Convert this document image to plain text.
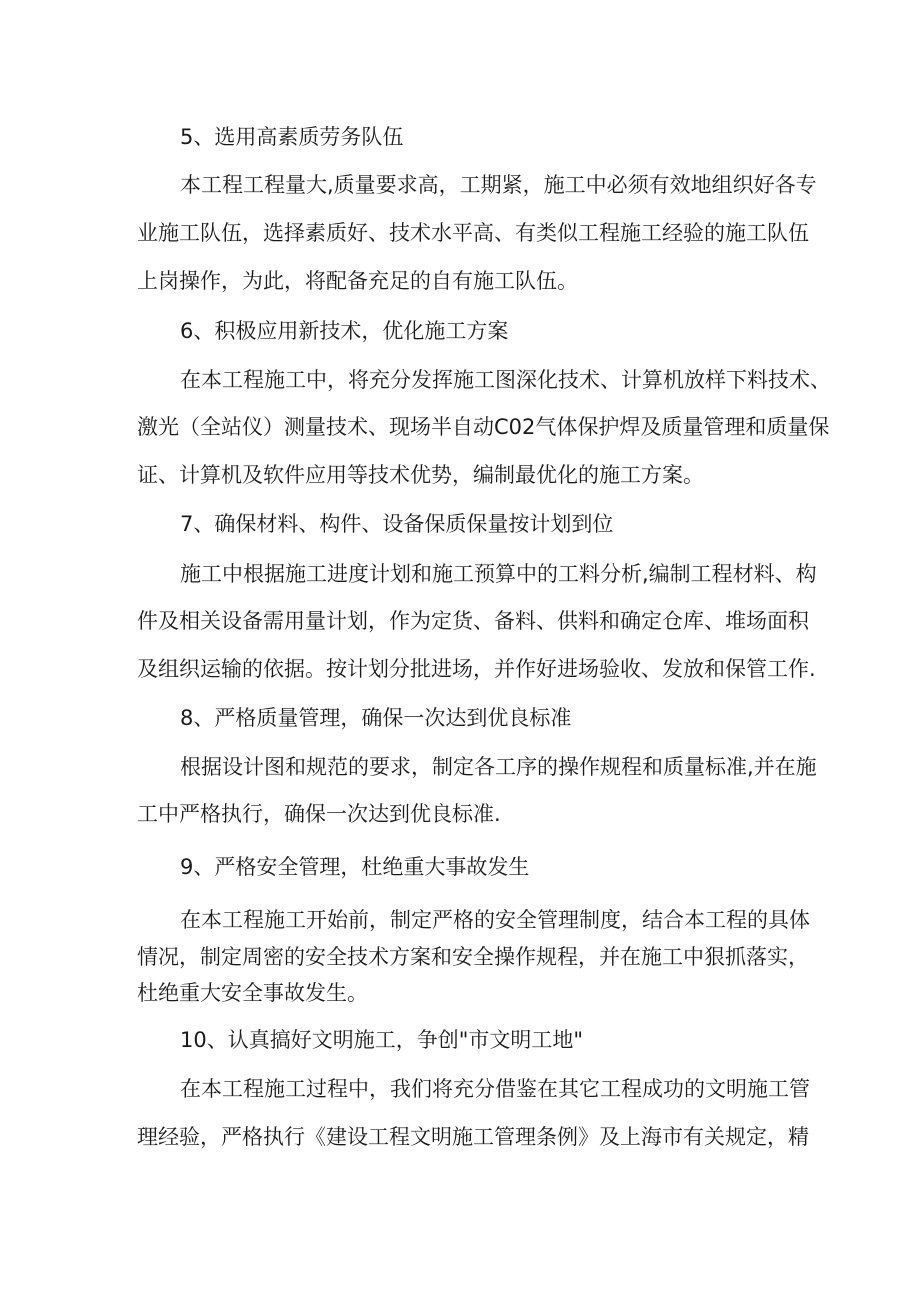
5、选用高素质劳务队伍
本工程工程量大,质量要求高，工期紧，施工中必须有效地组织好各专
业施工队伍，选择素质好、技术水平高、有类似工程施工经验的施工队伍
上岗操作，为此，将配备充足的自有施工队伍。
6、积极应用新技术，优化施工方案
在本工程施工中，将充分发挥施工图深化技术、计算机放样下料技术、
激光（全站仪）测量技术、现场半自动C02气体保护焊及质量管理和质量保
证、计算机及软件应用等技术优势，编制最优化的施工方案。
7、确保材料、构件、设备保质保量按计划到位
施工中根据施工进度计划和施工预算中的工料分析,编制工程材料、构
件及相关设备需用量计划，作为定货、备料、供料和确定仓库、堆场面积
及组织运输的依据。按计划分批进场，并作好进场验收、发放和保管工作.
8、严格质量管理，确保一次达到优良标准
根据设计图和规范的要求，制定各工序的操作规程和质量标准,并在施
工中严格执行，确保一次达到优良标准.
9、严格安全管理，杜绝重大事故发生
在本工程施工开始前，制定严格的安全管理制度，结合本工程的具体
情况，制定周密的安全技术方案和安全操作规程，并在施工中狠抓落实，
杜绝重大安全事故发生。
10、认真搞好文明施工，争创"市文明工地"
在本工程施工过程中，我们将充分借鉴在其它工程成功的文明施工管
理经验，严格执行《建设工程文明施工管理条例》及上海市有关规定，精
